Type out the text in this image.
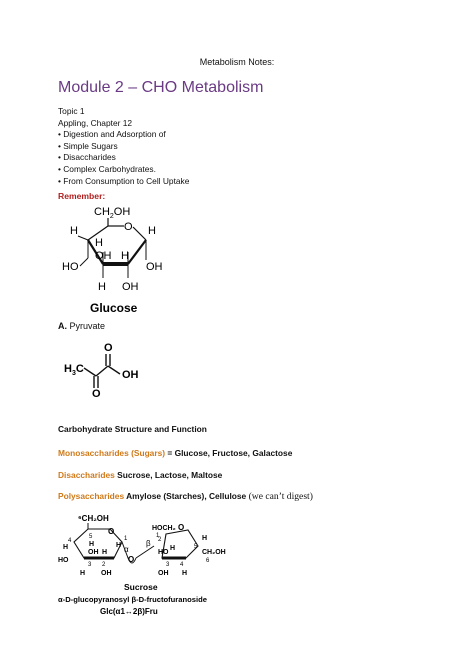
Metabolism Notes:
Module 2 – CHO Metabolism
Topic 1
Appling, Chapter 12
• Digestion and Adsorption of
• Simple Sugars
• Disaccharides
• Complex Carbohydrates.
• From Consumption to Cell Uptake
Remember:
$CH_2OH$
O
H
H
H
HO	OH
OH H
H OH
Glucose
A. Pyruvate
$H_3C$
O
O
OH
Carbohydrate Structure and Function
Monosaccharides (Sugars) = Glucose, Fructose, Galactose
Disaccharides Sucrose, Lactose, Maltose
Polysaccharides Amylose (Starches), Cellulose (we can’t digest)
⁶CH₂OH
O
5
H
4
H
OH H
1
H α
HO
3 2
H OH
O
HOCH₂
1
β
O
2
H
HO
H
5
CH₂OH
6
3 4
OH H
Sucrose
α-D-glucopyranosyl β-D-fructofuranoside
Glc(α1↔2β)Fru
